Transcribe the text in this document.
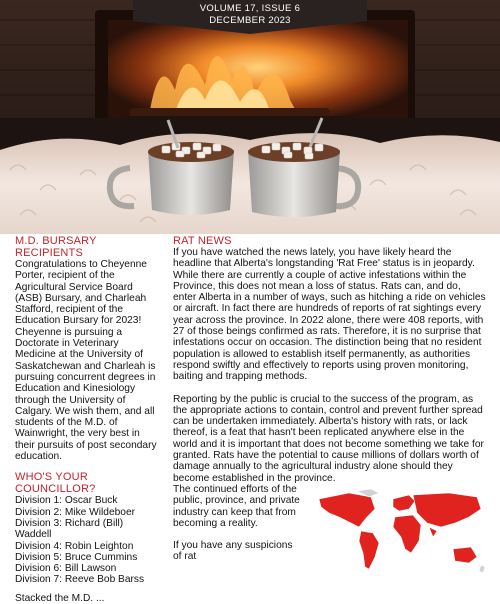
VOLUME 17, ISSUE 6
DECEMBER 2023
M.D. BURSARY RECIPIENTS

Congratulations to Cheyenne Porter, recipient of the Agricultural Service Board (ASB) Bursary, and Charleah Stafford, recipient of the Education Bursary for 2023! Cheyenne is pursuing a Doctorate in Veterinary Medicine at the University of Saskatchewan and Charleah is pursuing concurrent degrees in Education and Kinesiology through the University of Calgary. We wish them, and all students of the M.D. of Wainwright, the very best in their pursuits of post secondary education.

WHO'S YOUR COUNCILLOR?
Division 1: Oscar Buck
Division 2: Mike Wildeboer
Division 3: Richard (Bill) Waddell
Division 4: Robin Leighton
Division 5: Bruce Cummins
Division 6: Bill Lawson
Division 7: Reeve Bob Barss

Stacked the M.D. ...

RAT NEWS

If you have watched the news lately, you have likely heard the headline that Alberta's longstanding 'Rat Free' status is in jeopardy. While there are currently a couple of active infestations within the Province, this does not mean a loss of status. Rats can, and do, enter Alberta in a number of ways, such as hitching a ride on vehicles or aircraft. In fact there are hundreds of reports of rat sightings every year across the province. In 2022 alone, there were 408 reports, with 27 of those beings confirmed as rats. Therefore, it is no surprise that infestations occur on occasion. The distinction being that no resident population is allowed to establish itself permanently, as authorities respond swiftly and effectively to reports using proven monitoring, baiting and trapping methods.

Reporting by the public is crucial to the success of the program, as the appropriate actions to contain, control and prevent further spread can be undertaken immediately. Alberta's history with rats, or lack thereof, is a feat that hasn't been replicated anywhere else in the world and it is important that does not become something we take for granted. Rats have the potential to cause millions of dollars worth of damage annually to the agricultural industry alone should they become established in the province.

The continued efforts of the public, province, and private industry can keep that from becoming a reality.

If you have any suspicions of rat
